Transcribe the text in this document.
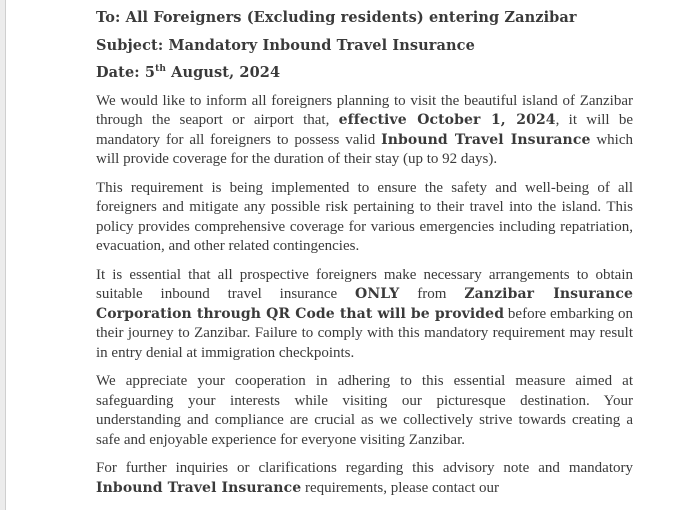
To: All Foreigners (Excluding residents) entering Zanzibar

Subject: Mandatory Inbound Travel Insurance

Date: 5th August, 2024

We would like to inform all foreigners planning to visit the beautiful island of Zanzibar through the seaport or airport that, effective October 1, 2024, it will be mandatory for all foreigners to possess valid Inbound Travel Insurance which will provide coverage for the duration of their stay (up to 92 days).

This requirement is being implemented to ensure the safety and well-being of all foreigners and mitigate any possible risk pertaining to their travel into the island. This policy provides comprehensive coverage for various emergencies including repatriation, evacuation, and other related contingencies.

It is essential that all prospective foreigners make necessary arrangements to obtain suitable inbound travel insurance ONLY from Zanzibar Insurance Corporation through QR Code that will be provided before embarking on their journey to Zanzibar. Failure to comply with this mandatory requirement may result in entry denial at immigration checkpoints.

We appreciate your cooperation in adhering to this essential measure aimed at safeguarding your interests while visiting our picturesque destination. Your understanding and compliance are crucial as we collectively strive towards creating a safe and enjoyable experience for everyone visiting Zanzibar.

For further inquiries or clarifications regarding this advisory note and mandatory Inbound Travel Insurance requirements, please contact our
